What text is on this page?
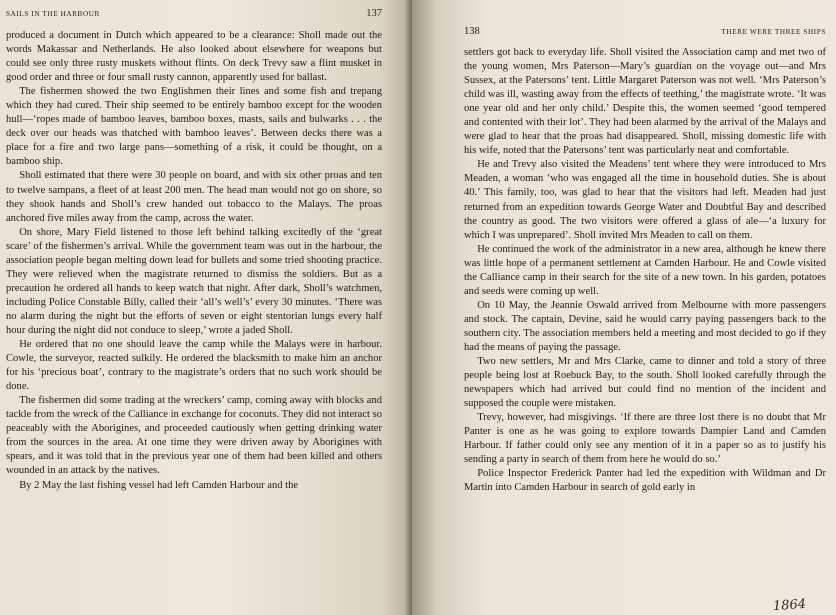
SAILS IN THE HARBOUR	137

produced a document in Dutch which appeared to be a clearance: Sholl made out the words Makassar and Netherlands. He also looked about elsewhere for weapons but could see only three rusty muskets without flints. On deck Trevy saw a flint musket in good order and three or four small rusty cannon, apparently used for ballast.

The fishermen showed the two Englishmen their lines and some fish and trepang which they had cured. Their ship seemed to be entirely bamboo except for the wooden hull—‘ropes made of bamboo leaves, bamboo boxes, masts, sails and bulwarks . . . the deck over our heads was thatched with bamboo leaves’. Between decks there was a place for a fire and two large pans—something of a risk, it could be thought, on a bamboo ship.

Sholl estimated that there were 30 people on board, and with six other proas and ten to twelve sampans, a fleet of at least 200 men. The head man would not go on shore, so they shook hands and Sholl’s crew handed out tobacco to the Malays. The proas anchored five miles away from the camp, across the water.

On shore, Mary Field listened to those left behind talking excitedly of the ‘great scare’ of the fishermen’s arrival. While the government team was out in the harbour, the association people began melting down lead for bullets and some tried shooting practice. They were relieved when the magistrate returned to dismiss the soldiers. But as a precaution he ordered all hands to keep watch that night. After dark, Sholl’s watchmen, including Police Constable Billy, called their ‘all’s well’s’ every 30 minutes. ‘There was no alarm during the night but the efforts of seven or eight stentorian lungs every half hour during the night did not conduce to sleep,’ wrote a jaded Sholl.

He ordered that no one should leave the camp while the Malays were in harbour. Cowle, the surveyor, reacted sulkily. He ordered the blacksmith to make him an anchor for his ‘precious boat’, contrary to the magistrate’s orders that no such work should be done.

The fishermen did some trading at the wreckers’ camp, coming away with blocks and tackle from the wreck of the Calliance in exchange for coconuts. They did not interact so peaceably with the Aborigines, and proceeded cautiously when getting drinking water from the sources in the area. At one time they were driven away by Aborigines with spears, and it was told that in the previous year one of them had been killed and others wounded in an attack by the natives.

By 2 May the last fishing vessel had left Camden Harbour and the

138	THERE WERE THREE SHIPS

settlers got back to everyday life. Sholl visited the Association camp and met two of the young women, Mrs Paterson—Mary’s guardian on the voyage out—and Mrs Sussex, at the Patersons’ tent. Little Margaret Paterson was not well. ‘Mrs Paterson’s child was ill, wasting away from the effects of teething,’ the magistrate wrote. ‘It was one year old and her only child.’ Despite this, the women seemed ‘good tempered and contented with their lot’. They had been alarmed by the arrival of the Malays and were glad to hear that the proas had disappeared. Sholl, missing domestic life with his wife, noted that the Patersons’ tent was particularly neat and comfortable.

He and Trevy also visited the Meadens’ tent where they were introduced to Mrs Meaden, a woman ‘who was engaged all the time in household duties. She is about 40.’ This family, too, was glad to hear that the visitors had left. Meaden had just returned from an expedition towards George Water and Doubtful Bay and described the country as good. The two visitors were offered a glass of ale—‘a luxury for which I was unprepared’. Sholl invited Mrs Meaden to call on them.

He continued the work of the administrator in a new area, although he knew there was little hope of a permanent settlement at Camden Harbour. He and Cowle visited the Calliance camp in their search for the site of a new town. In his garden, potatoes and seeds were coming up well.

On 10 May, the Jeannie Oswald arrived from Melbourne with more passengers and stock. The captain, Devine, said he would carry paying passengers back to the southern city. The association members held a meeting and most decided to go if they had the means of paying the passage.

Two new settlers, Mr and Mrs Clarke, came to dinner and told a story of three people being lost at Roebuck Bay, to the south. Sholl looked carefully through the newspapers which had arrived but could find no mention of the incident and supposed the couple were mistaken.

Trevy, however, had misgivings. ‘If there are three lost there is no doubt that Mr Panter is one as he was going to explore towards Dampier Land and Camden Harbour. If father could only see any mention of it in a paper so as to justify his sending a party in search of them from here he would do so.’

Police Inspector Frederick Panter had led the expedition with Wildman and Dr Martin into Camden Harbour in search of gold early in

1864
